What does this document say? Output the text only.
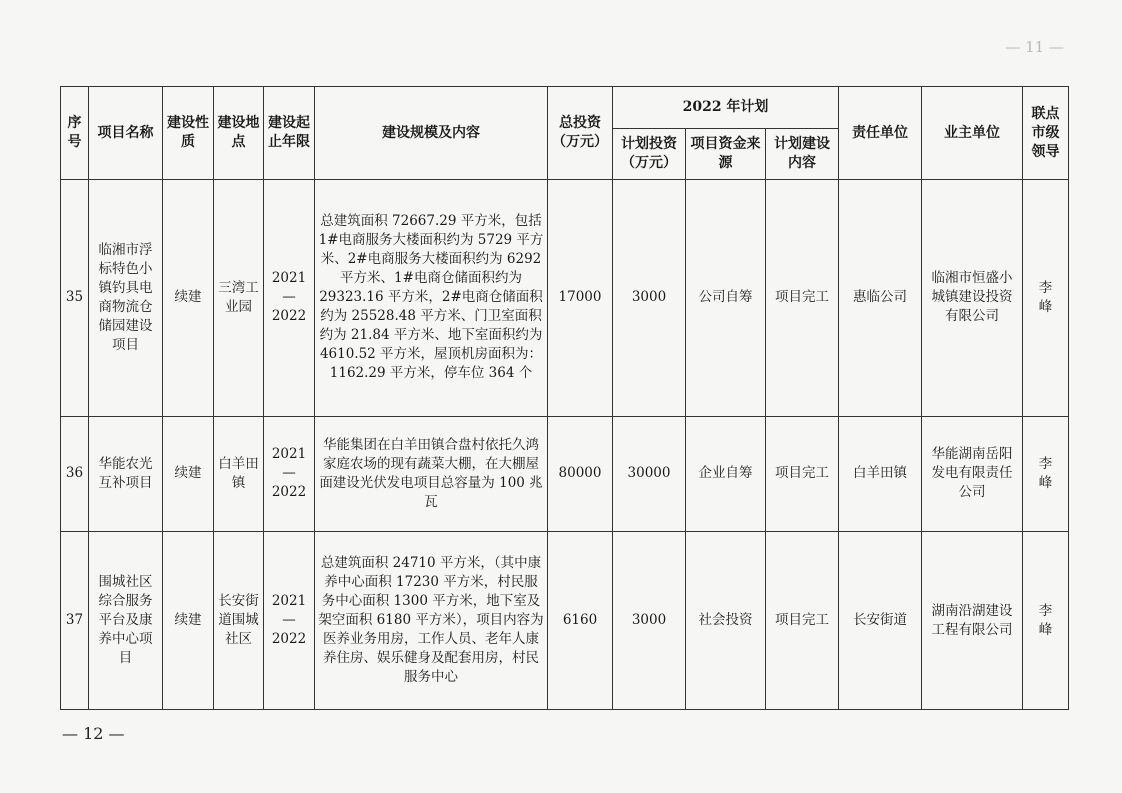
— 11 —
序号	项目名称	建设性质	建设地点	建设起止年限	建设规模及内容	总投资（万元）	2022 年计划			责任单位	业主单位	联点市级领导
							计划投资（万元）	项目资金来源	计划建设内容			
35	临湘市浮标特色小镇钓具电商物流仓储园建设项目	续建	三湾工业园	2021—2022	总建筑面积 72667.29 平方米，包括 1#电商服务大楼面积约为 5729 平方米、2#电商服务大楼面积约为 6292 平方米、1#电商仓储面积约为 29323.16 平方米，2#电商仓储面积约为 25528.48 平方米、门卫室面积约为 21.84 平方米、地下室面积约为 4610.52 平方米，屋顶机房面积为：1162.29 平方米，停车位 364 个	17000	3000	公司自筹	项目完工	惠临公司	临湘市恒盛小城镇建设投资有限公司	李　峰
36	华能农光互补项目	续建	白羊田镇	2021—2022	华能集团在白羊田镇合盘村依托久鸿家庭农场的现有蔬菜大棚，在大棚屋面建设光伏发电项目总容量为 100 兆瓦	80000	30000	企业自筹	项目完工	白羊田镇	华能湖南岳阳发电有限责任公司	李　峰
37	围城社区综合服务平台及康养中心项目	续建	长安街道围城社区	2021—2022	总建筑面积 24710 平方米，（其中康养中心面积 17230 平方米，村民服务中心面积 1300 平方米，地下室及架空面积 6180 平方米），项目内容为医养业务用房，工作人员、老年人康养住房、娱乐健身及配套用房，村民服务中心	6160	3000	社会投资	项目完工	长安街道	湖南沿湖建设工程有限公司	李　峰
— 12 —
